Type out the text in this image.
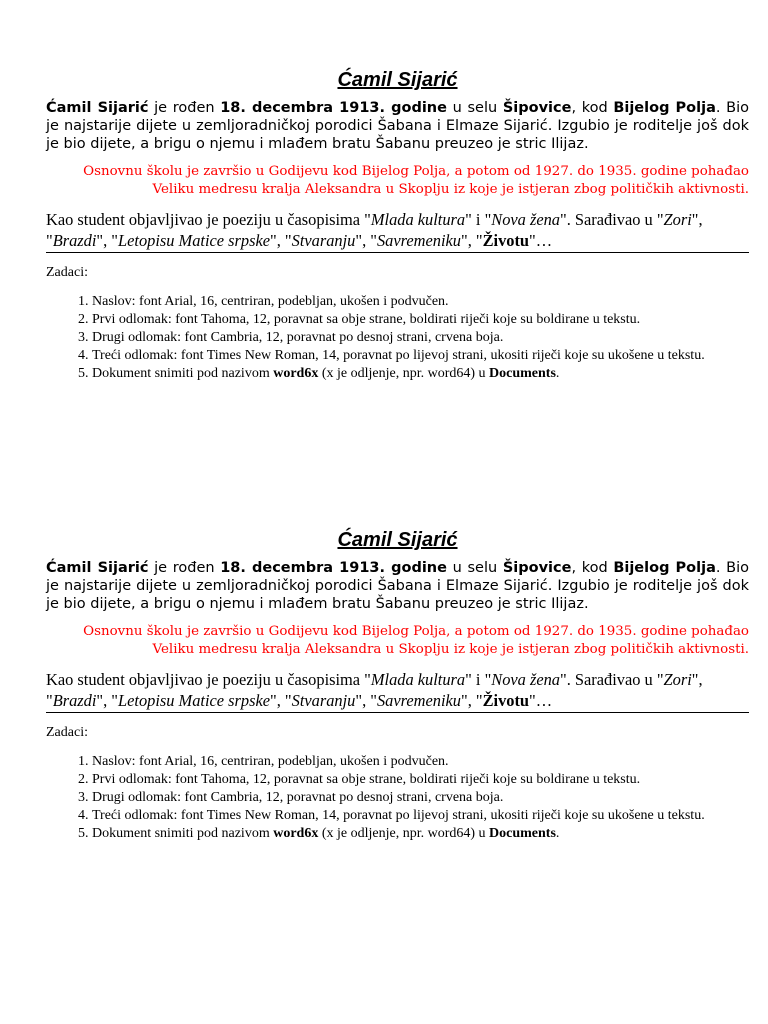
Ćamil Sijarić

Ćamil Sijarić je rođen 18. decembra 1913. godine u selu Šipovice, kod Bijelog Polja. Bio je najstarije dijete u zemljoradničkoj porodici Šabana i Elmaze Sijarić. Izgubio je roditelje još dok je bio dijete, a brigu o njemu i mlađem bratu Šabanu preuzeo je stric Ilijaz.

Osnovnu školu je završio u Godijevu kod Bijelog Polja, a potom od 1927. do 1935. godine pohađao
Veliku medresu kralja Aleksandra u Skoplju iz koje je istjeran zbog političkih aktivnosti.

Kao student objavljivao je poeziju u časopisima "Mlada kultura" i "Nova žena". Sarađivao u "Zori", "Brazdi", "Letopisu Matice srpske", "Stvaranju", "Savremeniku", "Životu"…

Zadaci:

1. Naslov: font Arial, 16, centriran, podebljan, ukošen i podvučen.
2. Prvi odlomak: font Tahoma, 12, poravnat sa obje strane, boldirati riječi koje su boldirane u tekstu.
3. Drugi odlomak: font Cambria, 12, poravnat po desnoj strani, crvena boja.
4. Treći odlomak: font Times New Roman, 14, poravnat po lijevoj strani, ukositi riječi koje su ukošene u tekstu.
5. Dokument snimiti pod nazivom word6x (x je odljenje, npr. word64) u Documents.
Ćamil Sijarić

Ćamil Sijarić je rođen 18. decembra 1913. godine u selu Šipovice, kod Bijelog Polja. Bio je najstarije dijete u zemljoradničkoj porodici Šabana i Elmaze Sijarić. Izgubio je roditelje još dok je bio dijete, a brigu o njemu i mlađem bratu Šabanu preuzeo je stric Ilijaz.

Osnovnu školu je završio u Godijevu kod Bijelog Polja, a potom od 1927. do 1935. godine pohađao
Veliku medresu kralja Aleksandra u Skoplju iz koje je istjeran zbog političkih aktivnosti.

Kao student objavljivao je poeziju u časopisima "Mlada kultura" i "Nova žena". Sarađivao u "Zori", "Brazdi", "Letopisu Matice srpske", "Stvaranju", "Savremeniku", "Životu"…

Zadaci:

1. Naslov: font Arial, 16, centriran, podebljan, ukošen i podvučen.
2. Prvi odlomak: font Tahoma, 12, poravnat sa obje strane, boldirati riječi koje su boldirane u tekstu.
3. Drugi odlomak: font Cambria, 12, poravnat po desnoj strani, crvena boja.
4. Treći odlomak: font Times New Roman, 14, poravnat po lijevoj strani, ukositi riječi koje su ukošene u tekstu.
5. Dokument snimiti pod nazivom word6x (x je odljenje, npr. word64) u Documents.
